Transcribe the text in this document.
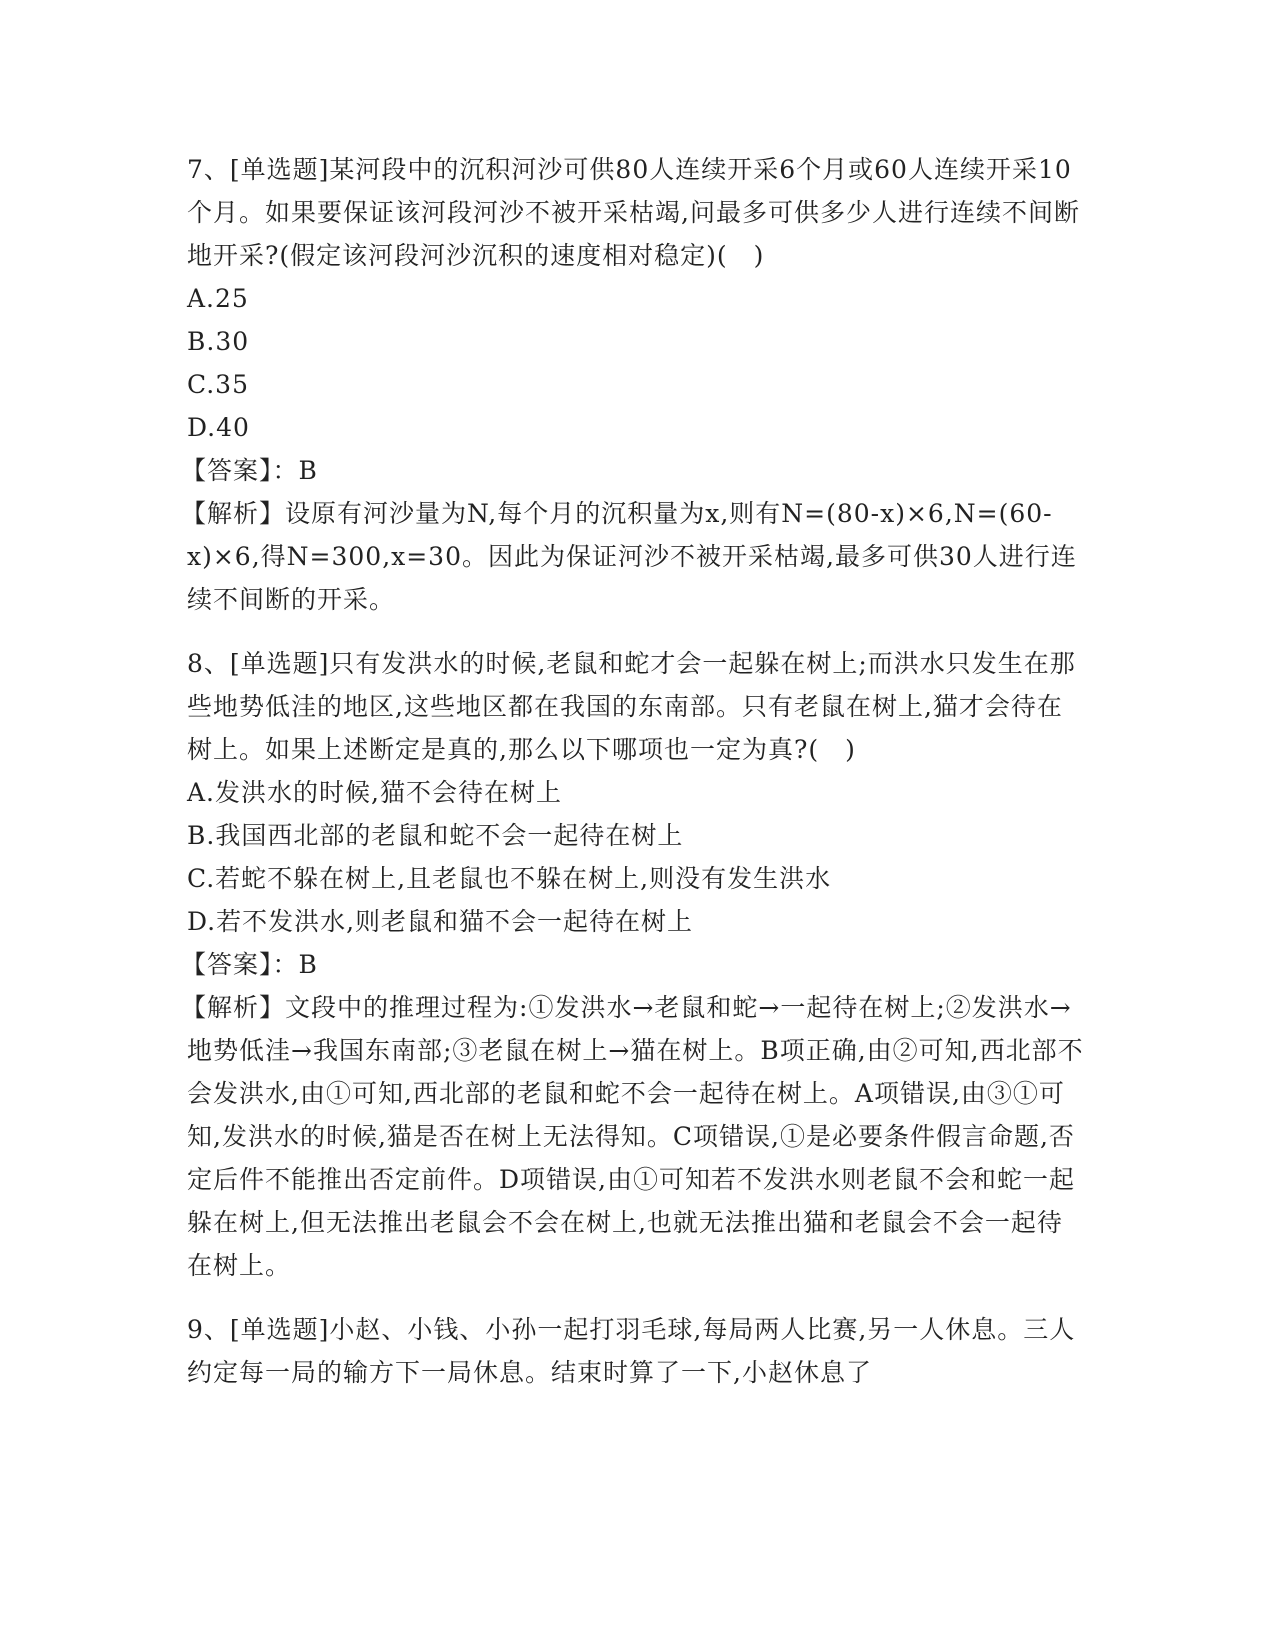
7、[单选题]某河段中的沉积河沙可供80人连续开采6个月或60人连续开采10个月。如果要保证该河段河沙不被开采枯竭,问最多可供多少人进行连续不间断地开采?(假定该河段河沙沉积的速度相对稳定)(　)

A.25

B.30

C.35

D.40

【答案】：B

【解析】设原有河沙量为N,每个月的沉积量为x,则有N=(80-x)×6,N=(60-x)×6,得N=300,x=30。因此为保证河沙不被开采枯竭,最多可供30人进行连续不间断的开采。

8、[单选题]只有发洪水的时候,老鼠和蛇才会一起躲在树上;而洪水只发生在那些地势低洼的地区,这些地区都在我国的东南部。只有老鼠在树上,猫才会待在树上。如果上述断定是真的,那么以下哪项也一定为真?(　)

A.发洪水的时候,猫不会待在树上

B.我国西北部的老鼠和蛇不会一起待在树上

C.若蛇不躲在树上,且老鼠也不躲在树上,则没有发生洪水

D.若不发洪水,则老鼠和猫不会一起待在树上

【答案】：B

【解析】文段中的推理过程为:①发洪水→老鼠和蛇→一起待在树上;②发洪水→地势低洼→我国东南部;③老鼠在树上→猫在树上。B项正确,由②可知,西北部不会发洪水,由①可知,西北部的老鼠和蛇不会一起待在树上。A项错误,由③①可知,发洪水的时候,猫是否在树上无法得知。C项错误,①是必要条件假言命题,否定后件不能推出否定前件。D项错误,由①可知若不发洪水则老鼠不会和蛇一起躲在树上,但无法推出老鼠会不会在树上,也就无法推出猫和老鼠会不会一起待在树上。

9、[单选题]小赵、小钱、小孙一起打羽毛球,每局两人比赛,另一人休息。三人约定每一局的输方下一局休息。结束时算了一下,小赵休息了
